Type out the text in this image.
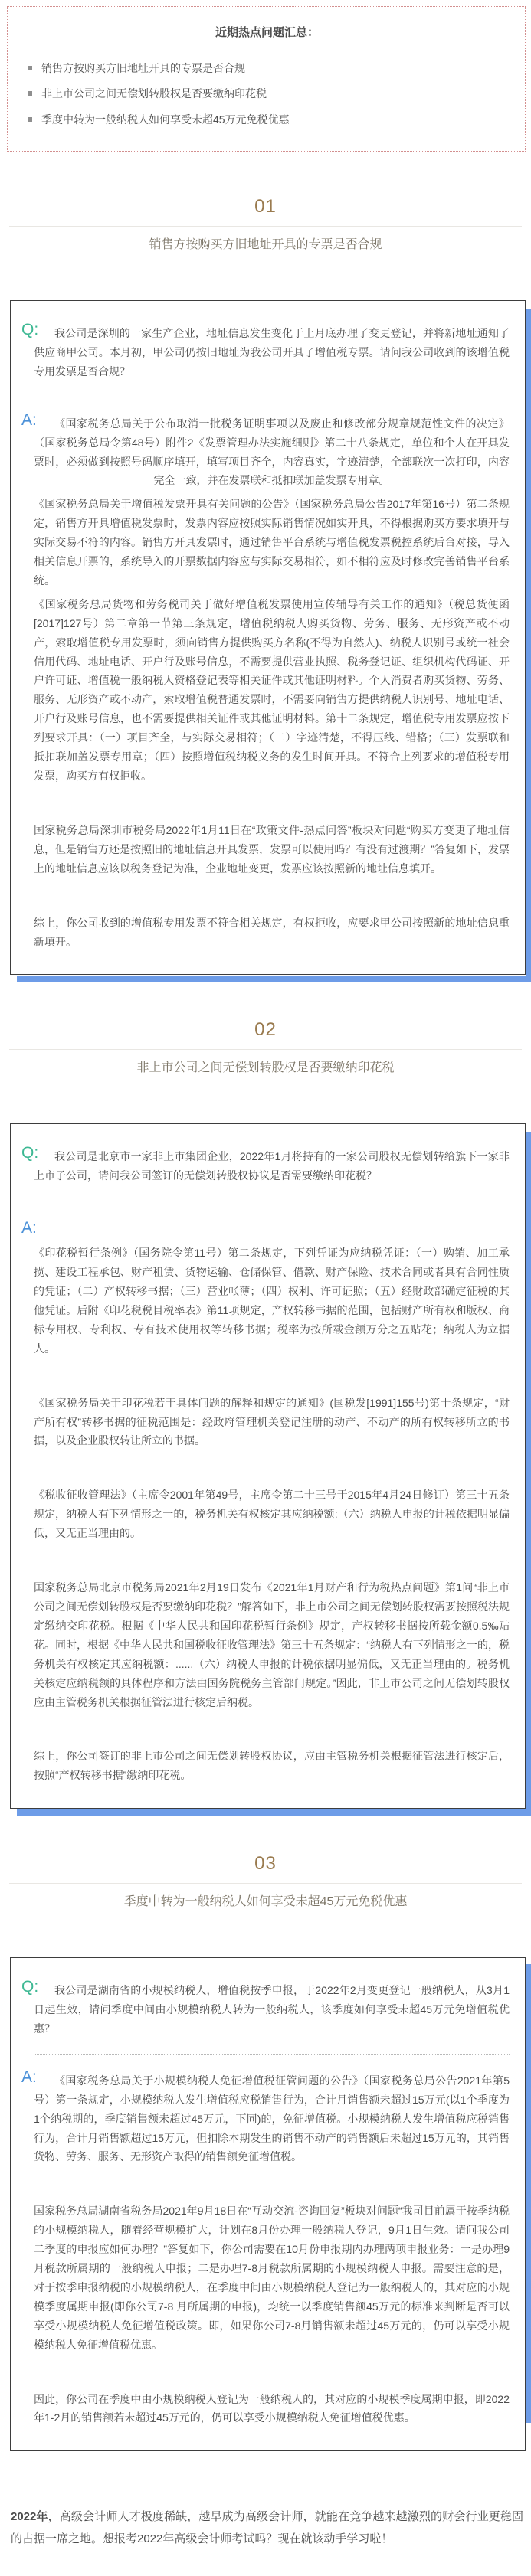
近期热点问题汇总：
销售方按购买方旧地址开具的专票是否合规
非上市公司之间无偿划转股权是否要缴纳印花税
季度中转为一般纳税人如何享受未超45万元免税优惠
01
销售方按购买方旧地址开具的专票是否合规
Q:	我公司是深圳的一家生产企业，地址信息发生变化于上月底办理了变更登记，并将新地址通知了供应商甲公司。本月初，甲公司仍按旧地址为我公司开具了增值税专票。请问我公司收到的该增值税专用发票是否合规？

A:	《国家税务总局关于公布取消一批税务证明事项以及废止和修改部分规章规范性文件的决定》（国家税务总局令第48号）附件2《发票管理办法实施细则》第二十八条规定，单位和个人在开具发票时，必须做到按照号码顺序填开，填写项目齐全，内容真实，字迹清楚，全部联次一次打印，内容完全一致，并在发票联和抵扣联加盖发票专用章。

《国家税务总局关于增值税发票开具有关问题的公告》（国家税务总局公告2017年第16号）第二条规定，销售方开具增值税发票时，发票内容应按照实际销售情况如实开具，不得根据购买方要求填开与实际交易不符的内容。销售方开具发票时，通过销售平台系统与增值税发票税控系统后台对接，导入相关信息开票的，系统导入的开票数据内容应与实际交易相符，如不相符应及时修改完善销售平台系统。

《国家税务总局货物和劳务税司关于做好增值税发票使用宣传辅导有关工作的通知》（税总货便函[2017]127号）第二章第一节第三条规定，增值税纳税人购买货物、劳务、服务、无形资产或不动产，索取增值税专用发票时，须向销售方提供购买方名称(不得为自然人)、纳税人识别号或统一社会信用代码、地址电话、开户行及账号信息，不需要提供营业执照、税务登记证、组织机构代码证、开户许可证、增值税一般纳税人资格登记表等相关证件或其他证明材料。个人消费者购买货物、劳务、服务、无形资产或不动产，索取增值税普通发票时，不需要向销售方提供纳税人识别号、地址电话、开户行及账号信息，也不需要提供相关证件或其他证明材料。第十二条规定，增值税专用发票应按下列要求开具：（一）项目齐全，与实际交易相符；（二）字迹清楚，不得压线、错格；（三）发票联和抵扣联加盖发票专用章；（四）按照增值税纳税义务的发生时间开具。不符合上列要求的增值税专用发票，购买方有权拒收。

国家税务总局深圳市税务局2022年1月11日在“政策文件-热点问答”板块对问题“购买方变更了地址信息，但是销售方还是按照旧的地址信息开具发票，发票可以使用吗？有没有过渡期？”答复如下，发票上的地址信息应该以税务登记为准，企业地址变更，发票应该按照新的地址信息填开。

综上，你公司收到的增值税专用发票不符合相关规定，有权拒收，应要求甲公司按照新的地址信息重新填开。

02
非上市公司之间无偿划转股权是否要缴纳印花税
Q:	我公司是北京市一家非上市集团企业，2022年1月将持有的一家公司股权无偿划转给旗下一家非上市子公司，请问我公司签订的无偿划转股权协议是否需要缴纳印花税？

A:

《印花税暂行条例》（国务院令第11号）第二条规定，下列凭证为应纳税凭证：（一）购销、加工承揽、建设工程承包、财产租赁、货物运输、仓储保管、借款、财产保险、技术合同或者具有合同性质的凭证；（二）产权转移书据；（三）营业帐薄；（四）权利、许可证照；（五）经财政部确定征税的其他凭证。后附《印花税税目税率表》第11项规定，产权转移书据的范围，包括财产所有权和版权、商标专用权、专利权、专有技术使用权等转移书据；税率为按所载金额万分之五贴花；纳税人为立据人。

《国家税务局关于印花税若干具体问题的解释和规定的通知》(国税发[1991]155号)第十条规定，“财产所有权”转移书据的征税范围是：经政府管理机关登记注册的动产、不动产的所有权转移所立的书据，以及企业股权转让所立的书据。

《税收征收管理法》（主席令2001年第49号，主席令第二十三号于2015年4月24日修订）第三十五条规定，纳税人有下列情形之一的，税务机关有权核定其应纳税额:（六）纳税人申报的计税依据明显偏低，又无正当理由的。

国家税务总局北京市税务局2021年2月19日发布《2021年1月财产和行为税热点问题》第1问“非上市公司之间无偿划转股权是否要缴纳印花税？”解答如下，非上市公司之间无偿划转股权需要按照税法规定缴纳交印花税。根据《中华人民共和国印花税暂行条例》规定，产权转移书据按所载金额0.5‰贴花。同时，根据《中华人民共和国税收征收管理法》第三十五条规定：“纳税人有下列情形之一的，税务机关有权核定其应纳税额：......（六）纳税人申报的计税依据明显偏低，又无正当理由的。税务机关核定应纳税额的具体程序和方法由国务院税务主管部门规定。”因此，非上市公司之间无偿划转股权应由主管税务机关根据征管法进行核定后纳税。

综上，你公司签订的非上市公司之间无偿划转股权协议，应由主管税务机关根据征管法进行核定后，按照“产权转移书据”缴纳印花税。

03
季度中转为一般纳税人如何享受未超45万元免税优惠
Q:	我公司是湖南省的小规模纳税人，增值税按季申报，于2022年2月变更登记一般纳税人，从3月1日起生效，请问季度中间由小规模纳税人转为一般纳税人，该季度如何享受未超45万元免增值税优惠？

A:	《国家税务总局关于小规模纳税人免征增值税征管问题的公告》（国家税务总局公告2021年第5号）第一条规定，小规模纳税人发生增值税应税销售行为，合计月销售额未超过15万元(以1个季度为1个纳税期的，季度销售额未超过45万元，下同)的，免征增值税。小规模纳税人发生增值税应税销售行为，合计月销售额超过15万元，但扣除本期发生的销售不动产的销售额后未超过15万元的，其销售货物、劳务、服务、无形资产取得的销售额免征增值税。

国家税务总局湖南省税务局2021年9月18日在“互动交流-咨询回复”板块对问题“我司目前属于按季纳税的小规模纳税人，随着经营规模扩大，计划在8月份办理一般纳税人登记，9月1日生效。请问我公司二季度的申报应如何办理？”答复如下，你公司需要在10月份申报期内办理两项申报业务：一是办理9月税款所属期的一般纳税人申报；二是办理7-8月税款所属期的小规模纳税人申报。需要注意的是，对于按季申报纳税的小规模纳税人，在季度中间由小规模纳税人登记为一般纳税人的，其对应的小规模季度属期申报(即你公司7-8 月所属期的申报)，均统一以季度销售额45万元的标准来判断是否可以享受小规模纳税人免征增值税政策。即，如果你公司7-8月销售额未超过45万元的，仍可以享受小规模纳税人免征增值税优惠。

因此，你公司在季度中由小规模纳税人登记为一般纳税人的，其对应的小规模季度属期申报，即2022年1-2月的销售额若未超过45万元的，仍可以享受小规模纳税人免征增值税优惠。

2022年，高级会计师人才极度稀缺，越早成为高级会计师，就能在竞争越来越激烈的财会行业更稳固的占据一席之地。想报考2022年高级会计师考试吗？现在就该动手学习啦！
